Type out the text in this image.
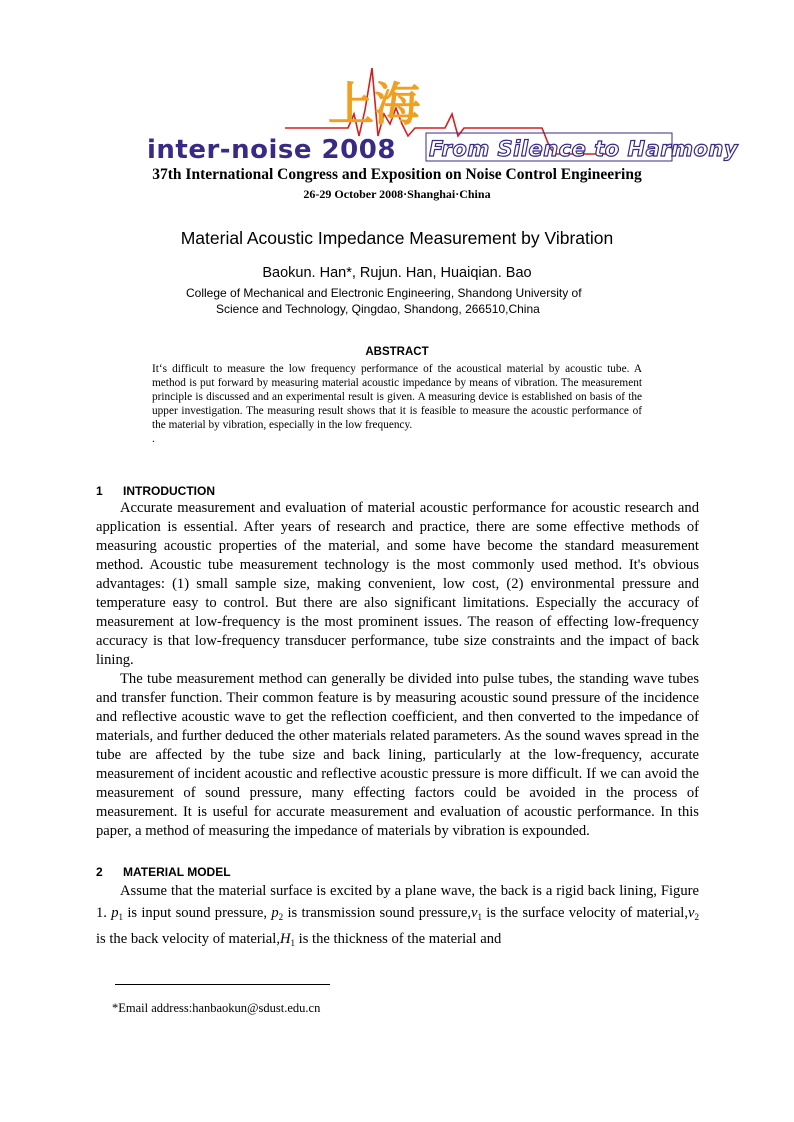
上海
inter-noise 2008 From Silence to Harmony
37th International Congress and Exposition on Noise Control Engineering
26-29 October 2008·Shanghai·China
Material Acoustic Impedance Measurement by Vibration
Baokun. Han*, Rujun. Han, Huaiqian. Bao
College of Mechanical and Electronic Engineering, Shandong University of
Science and Technology, Qingdao, Shandong, 266510,China
ABSTRACT

It‘s difficult to measure the low frequency performance of the acoustical material by acoustic tube. A method is put forward by measuring material acoustic impedance by means of vibration. The measurement principle is discussed and an experimental result is given. A measuring device is established on basis of the upper investigation. The measuring result shows that it is feasible to measure the acoustic performance of the material by vibration, especially in the low frequency.

.

1 INTRODUCTION

Accurate measurement and evaluation of material acoustic performance for acoustic research and application is essential. After years of research and practice, there are some effective methods of measuring acoustic properties of the material, and some have become the standard measurement method. Acoustic tube measurement technology is the most commonly used method. It's obvious advantages: (1) small sample size, making convenient, low cost, (2) environmental pressure and temperature easy to control. But there are also significant limitations. Especially the accuracy of measurement at low-frequency is the most prominent issues. The reason of effecting low-frequency accuracy is that low-frequency transducer performance, tube size constraints and the impact of back lining.

The tube measurement method can generally be divided into pulse tubes, the standing wave tubes and transfer function. Their common feature is by measuring acoustic sound pressure of the incidence and reflective acoustic wave to get the reflection coefficient, and then converted to the impedance of materials, and further deduced the other materials related parameters. As the sound waves spread in the tube are affected by the tube size and back lining, particularly at the low-frequency, accurate measurement of incident acoustic and reflective acoustic pressure is more difficult. If we can avoid the measurement of sound pressure, many effecting factors could be avoided in the process of measurement. It is useful for accurate measurement and evaluation of acoustic performance. In this paper, a method of measuring the impedance of materials by vibration is expounded.

2 MATERIAL MODEL

Assume that the material surface is excited by a plane wave, the back is a rigid back lining, Figure 1. $p_1$ is input sound pressure, $p_2$ is transmission sound $pressure,v_1$ is the surface velocity of $material,v_2$ is the back velocity of $material,H_1$ is the thickness of the material and

*Email address:hanbaokun@sdust.edu.cn
